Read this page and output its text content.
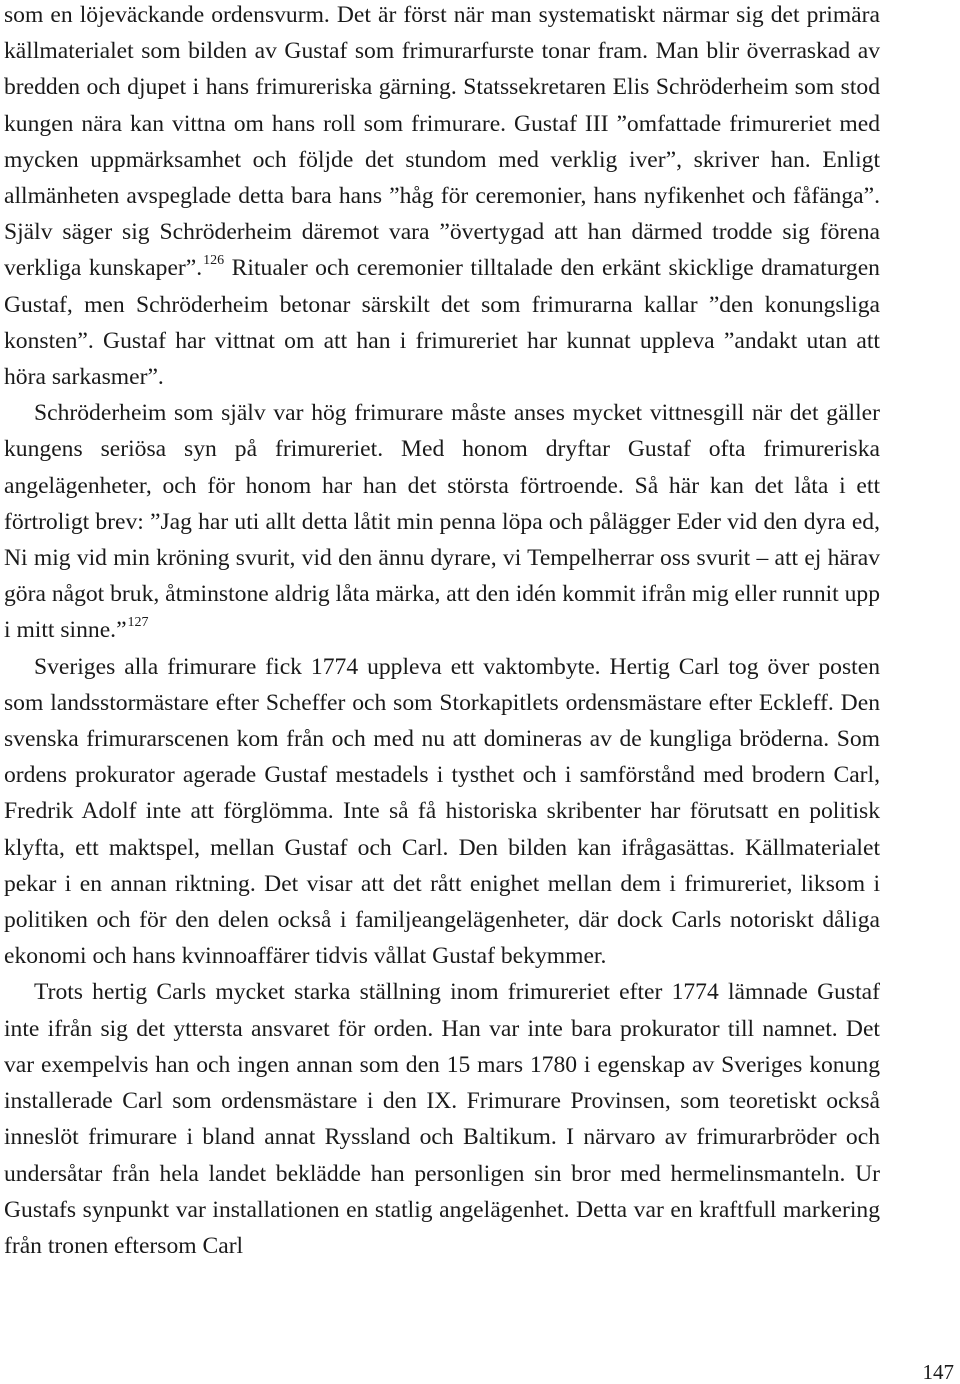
som en löjeväckande ordensvurm. Det är först när man systematiskt närmar sig det primära källmaterialet som bilden av Gustaf som frimurarfurste tonar fram. Man blir överraskad av bredden och djupet i hans frimureriska gärning. Statssekretaren Elis Schröderheim som stod kungen nära kan vittna om hans roll som frimurare. Gustaf III ”omfattade frimureriet med mycken uppmärksamhet och följde det stundom med verklig iver”, skriver han. Enligt allmänheten avspeglade detta bara hans ”håg för ceremonier, hans nyfikenhet och fåfänga”. Själv säger sig Schröderheim däremot vara ”övertygad att han därmed trodde sig förena verkliga kunskaper”.$^{126}$ Ritualer och ceremonier tilltalade den erkänt skicklige dramaturgen Gustaf, men Schröderheim betonar särskilt det som frimurarna kallar ”den konungsliga konsten”. Gustaf har vittnat om att han i frimureriet har kunnat uppleva ”andakt utan att höra sarkasmer”.

Schröderheim som själv var hög frimurare måste anses mycket vittnesgill när det gäller kungens seriösa syn på frimureriet. Med honom dryftar Gustaf ofta frimureriska angelägenheter, och för honom har han det största förtroende. Så här kan det låta i ett förtroligt brev: ”Jag har uti allt detta låtit min penna löpa och pålägger Eder vid den dyra ed, Ni mig vid min kröning svurit, vid den ännu dyrare, vi Tempelherrar oss svurit – att ej härav göra något bruk, åtminstone aldrig låta märka, att den idén kommit ifrån mig eller runnit upp i mitt sinne.”$^{127}$

Sveriges alla frimurare fick 1774 uppleva ett vaktombyte. Hertig Carl tog över posten som landsstormästare efter Scheffer och som Storkapitlets ordensmästare efter Eckleff. Den svenska frimurarscenen kom från och med nu att domineras av de kungliga bröderna. Som ordens prokurator agerade Gustaf mestadels i tysthet och i samförstånd med brodern Carl, Fredrik Adolf inte att förglömma. Inte så få historiska skribenter har förutsatt en politisk klyfta, ett maktspel, mellan Gustaf och Carl. Den bilden kan ifrågasättas. Källmaterialet pekar i en annan riktning. Det visar att det rått enighet mellan dem i frimureriet, liksom i politiken och för den delen också i familjeangelägenheter, där dock Carls notoriskt dåliga ekonomi och hans kvinnoaffärer tidvis vållat Gustaf bekymmer.

Trots hertig Carls mycket starka ställning inom frimureriet efter 1774 lämnade Gustaf inte ifrån sig det yttersta ansvaret för orden. Han var inte bara prokurator till namnet. Det var exempelvis han och ingen annan som den 15 mars 1780 i egenskap av Sveriges konung installerade Carl som ordensmästare i den IX. Frimurare Provinsen, som teoretiskt också inneslöt frimurare i bland annat Ryssland och Baltikum. I närvaro av frimurarbröder och undersåtar från hela landet beklädde han personligen sin bror med hermelinsmanteln. Ur Gustafs synpunkt var installationen en statlig angelägenhet. Detta var en kraftfull markering från tronen eftersom Carl

147
